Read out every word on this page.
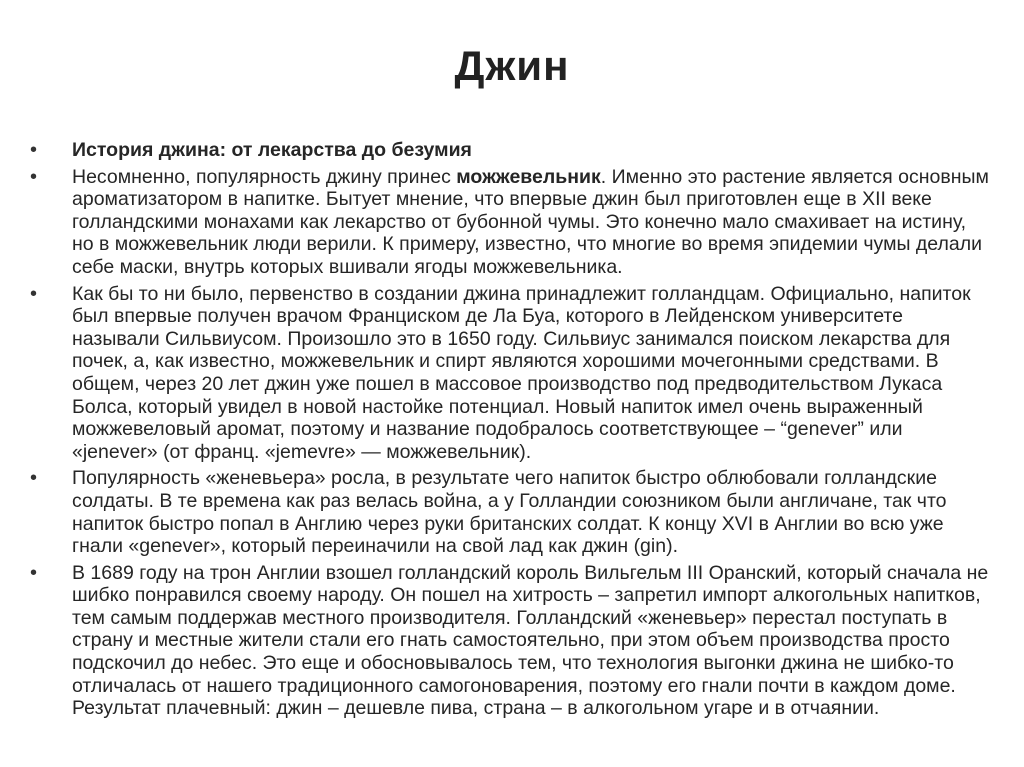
Джин
•	История джина: от лекарства до безумия
•	Несомненно, популярность джину принес можжевельник. Именно это растение является основным ароматизатором в напитке. Бытует мнение, что впервые джин был приготовлен еще в XII веке голландскими монахами как лекарство от бубонной чумы. Это конечно мало смахивает на истину, но в можжевельник люди верили. К примеру, известно, что многие во время эпидемии чумы делали себе маски, внутрь которых вшивали ягоды можжевельника.
•	Как бы то ни было, первенство в создании джина принадлежит голландцам. Официально, напиток был впервые получен врачом Франциском де Ла Буа, которого в Лейденском университете называли Сильвиусом. Произошло это в 1650 году. Сильвиус занимался поиском лекарства для почек, а, как известно, можжевельник и спирт являются хорошими мочегонными средствами. В общем, через 20 лет джин уже пошел в массовое производство под предводительством Лукаса Болса, который увидел в новой настойке потенциал. Новый напиток имел очень выраженный можжевеловый аромат, поэтому и название подобралось соответствующее – “genever” или «jenever» (от франц. «jemevre» — можжевельник).
•	Популярность «женевьера» росла, в результате чего напиток быстро облюбовали голландские солдаты. В те времена как раз велась война, а у Голландии союзником были англичане, так что напиток быстро попал в Англию через руки британских солдат. К концу XVI в Англии во всю уже гнали «genever», который переиначили на свой лад как джин (gin).
•	В 1689 году на трон Англии взошел голландский король Вильгельм III Оранский, который сначала не шибко понравился своему народу. Он пошел на хитрость – запретил импорт алкогольных напитков, тем самым поддержав местного производителя. Голландский «женевьер» перестал поступать в страну и местные жители стали его гнать самостоятельно, при этом объем производства просто подскочил до небес. Это еще и обосновывалось тем, что технология выгонки джина не шибко-то отличалась от нашего традиционного самогоноварения, поэтому его гнали почти в каждом доме. Результат плачевный: джин – дешевле пива, страна – в алкогольном угаре и в отчаянии.
